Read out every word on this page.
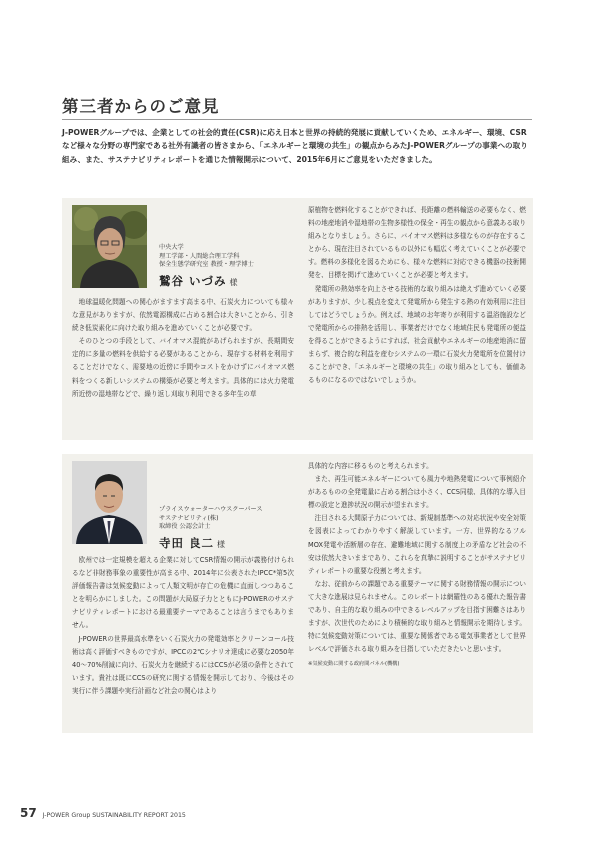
第三者からのご意見

J-POWERグループでは、企業としての社会的責任(CSR)に応え日本と世界の持続的発展に貢献していくため、エネルギー、環境、CSRなど様々な分野の専門家である社外有識者の皆さまから、「エネルギーと環境の共生」の観点からみたJ-POWERグループの事業への取り組み、また、サステナビリティレポートを通じた情報開示について、2015年6月にご意見をいただきました。

中央大学

理工学部・人間総合理工学科

保全生態学研究室 教授・理学博士

鷲谷 いづみ 様

地球温暖化問題への関心がますます高まる中、石炭火力についても様々な意見がありますが、依然電源構成に占める割合は大きいことから、引き続き低炭素化に向けた取り組みを進めていくことが必要です。

そのひとつの手段として、バイオマス混焼があげられますが、長期間安定的に多量の燃料を供給する必要があることから、現存する材料を利用することだけでなく、需要地の近傍に手間やコストをかけずにバイオマス燃料をつくる新しいシステムの構築が必要と考えます。具体的には火力発電所近傍の湿地帯などで、繰り返し刈取り利用できる多年生の草

原植物を燃料化することができれば、長距離の燃料輸送の必要もなく、燃料の地産地消や湿地帯の生物多様性の保全・再生の観点から意義ある取り組みとなりましょう。さらに、バイオマス燃料は多様なものが存在することから、現在注目されているもの以外にも幅広く考えていくことが必要です。燃料の多様化を図るためにも、様々な燃料に対応できる機器の技術開発を、目標を掲げて進めていくことが必要と考えます。

発電所の熱効率を向上させる技術的な取り組みは絶えず進めていく必要がありますが、少し視点を変えて発電所から発生する熱の有効利用に注目してはどうでしょうか。例えば、地域のお年寄りが利用する温浴施設などで発電所からの排熱を活用し、事業者だけでなく地域住民も発電所の便益を得ることができるようにすれば、社会貢献やエネルギーの地産地消に留まらず、複合的な利益を産むシステムの一環に石炭火力発電所を位置付けることができ、「エネルギーと環境の共生」の取り組みとしても、価値あるものになるのではないでしょうか。

プライスウォーターハウスクーパース

サステナビリティ(株)

取締役 公認会計士

寺田 良二 様

欧州では一定規模を超える企業に対してCSR情報の開示が義務付けられるなど非財務事象の重要性が高まる中、2014年に公表されたIPCC*第5次評価報告書は気候変動によって人類文明が存亡の危機に直面しつつあることを明らかにしました。この問題が大局原子力とともにJ-POWERのサステナビリティレポートにおける最重要テーマであることは言うまでもありません。

J-POWERの世界最高水準をいく石炭火力の発電効率とクリーンコール技術は高く評価すべきものですが、IPCCの2℃シナリオ達成に必要な2050年40〜70%削減に向け、石炭火力を継続するにはCCSが必須の条件とされています。貴社は既にCCSの研究に関する情報を開示しており、今後はその実行に伴う課題や実行計画など社会の関心はより

具体的な内容に移るものと考えられます。

また、再生可能エネルギーについても風力や地熱発電について事例紹介があるものの全発電量に占める割合は小さく、CCS同様、具体的な導入目標の設定と進捗状況の開示が望まれます。

注目される大間原子力については、新規制基準への対応状況や安全対策を図表によってわかりやすく解説しています。一方、世界的なるフルMOX発電や活断層の存在、避難地域に関する制度上の矛盾など社会の不安は依然大きいままであり、これらを真摯に説明することがサステナビリティレポートの重要な役割と考えます。

なお、従前からの課題である重要テーマに関する財務情報の開示について大きな進展は見られません。このレポートは網羅性のある優れた報告書であり、自主的な取り組みの中できるレベルアップを目指す困難さはありますが、次世代のためにより積極的な取り組みと情報開示を期待します。特に気候変動対策については、重要な関係者である電気事業者として世界レベルで評価される取り組みを目指していただきたいと思います。

※気候変動に関する政府間パネル(機構)

57 J-POWER Group SUSTAINABILITY REPORT 2015
